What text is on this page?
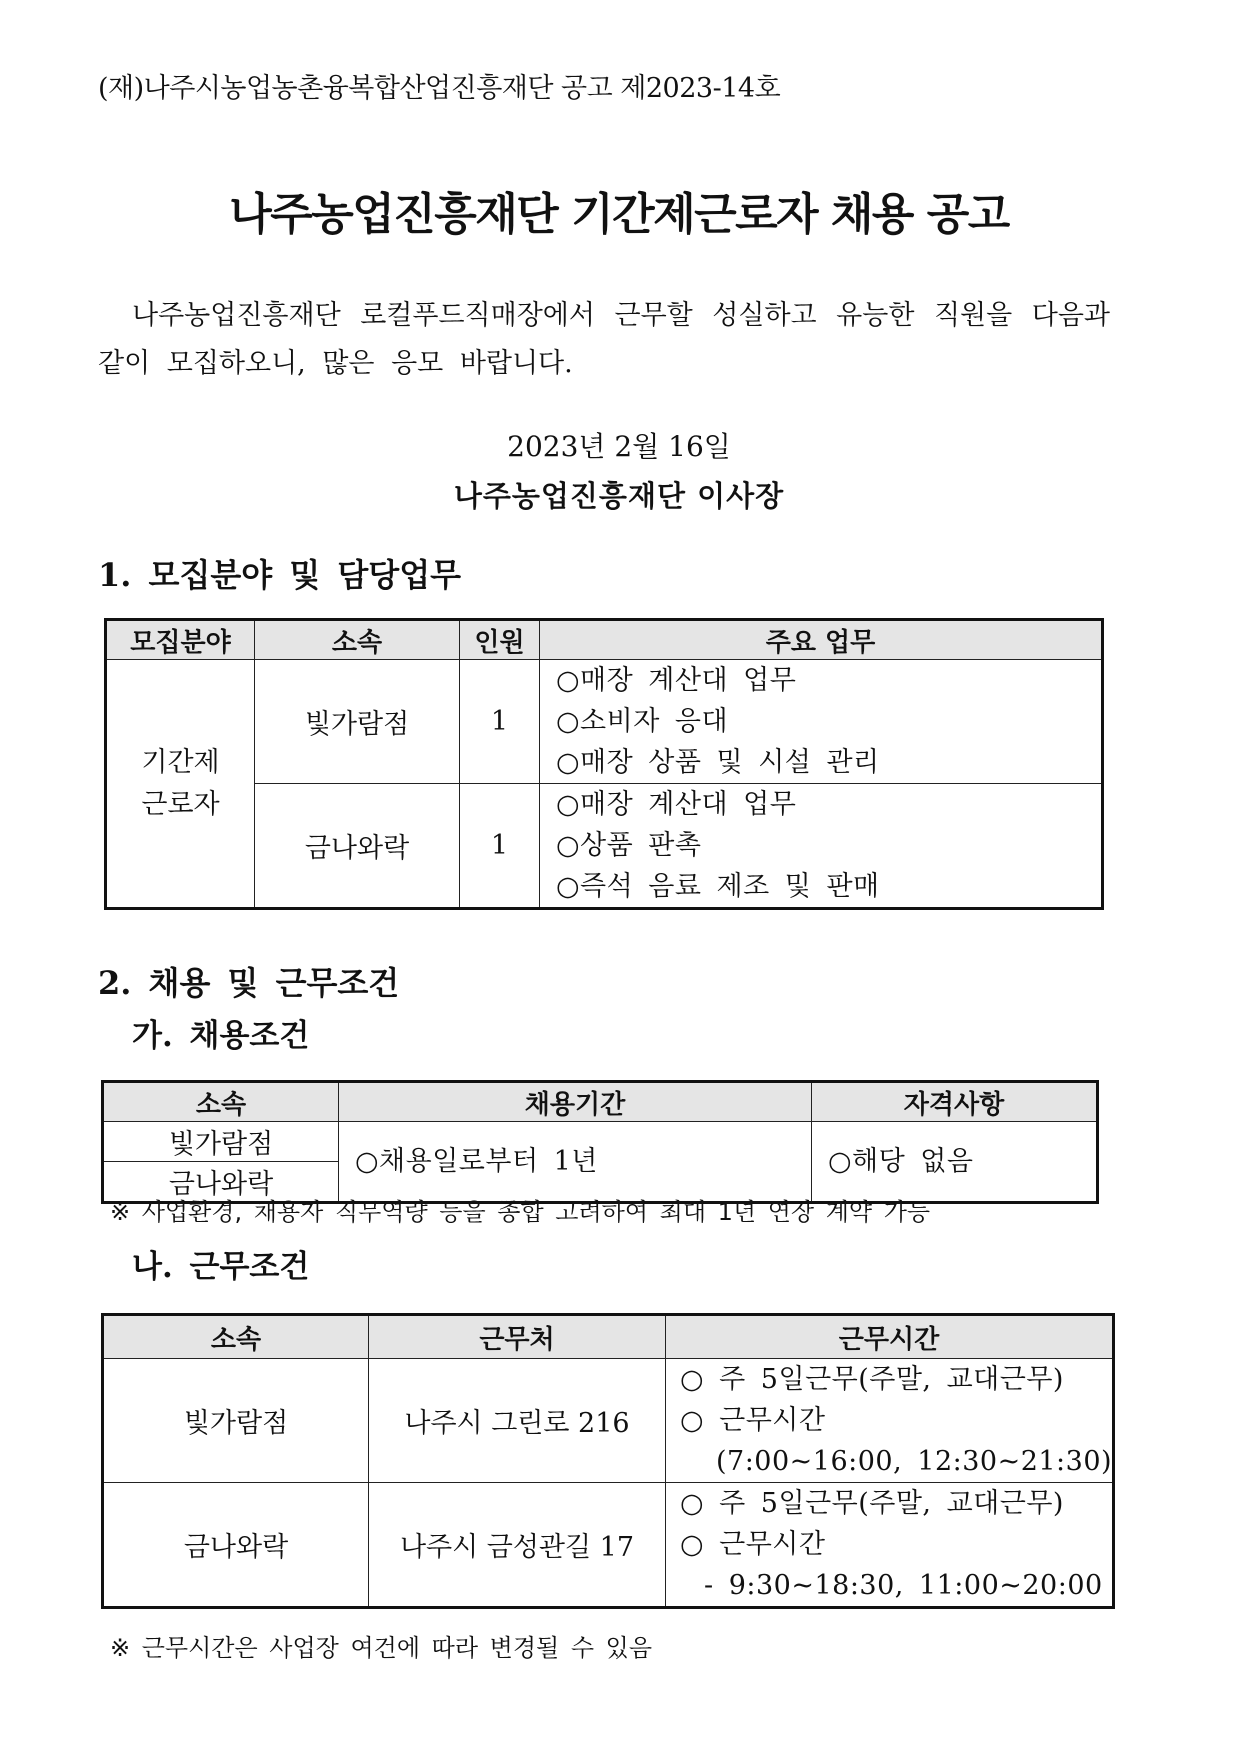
(재)나주시농업농촌융복합산업진흥재단 공고 제2023-14호
나주농업진흥재단 기간제근로자 채용 공고
나주농업진흥재단 로컬푸드직매장에서 근무할 성실하고 유능한 직원을 다음과 같이 모집하오니, 많은 응모 바랍니다.
2023년 2월 16일
나주농업진흥재단 이사장
1. 모집분야 및 담당업무
모집분야	소속	인원	주요 업무
기간제
근로자	빛가람점	1	○매장 계산대 업무
○소비자 응대
○매장 상품 및 시설 관리

	금나와락	1	○매장 계산대 업무
○상품 판촉
○즉석 음료 제조 및 판매
2. 채용 및 근무조건
가. 채용조건
소속	채용기간	자격사항
빛가람점	○채용일로부터 1년	○해당 없음
금나와락		
※ 사업환경, 채용자 직무역량 등을 종합 고려하여 최대 1년 연장 계약 가능
나. 근무조건
소속	근무처	근무시간
빛가람점	나주시 그린로 216	○ 주 5일근무(주말, 교대근무)
○ 근무시간
(7:00~16:00, 12:30~21:30)

금나와락	나주시 금성관길 17	○ 주 5일근무(주말, 교대근무)
○ 근무시간
- 9:30~18:30, 11:00~20:00
※ 근무시간은 사업장 여건에 따라 변경될 수 있음
